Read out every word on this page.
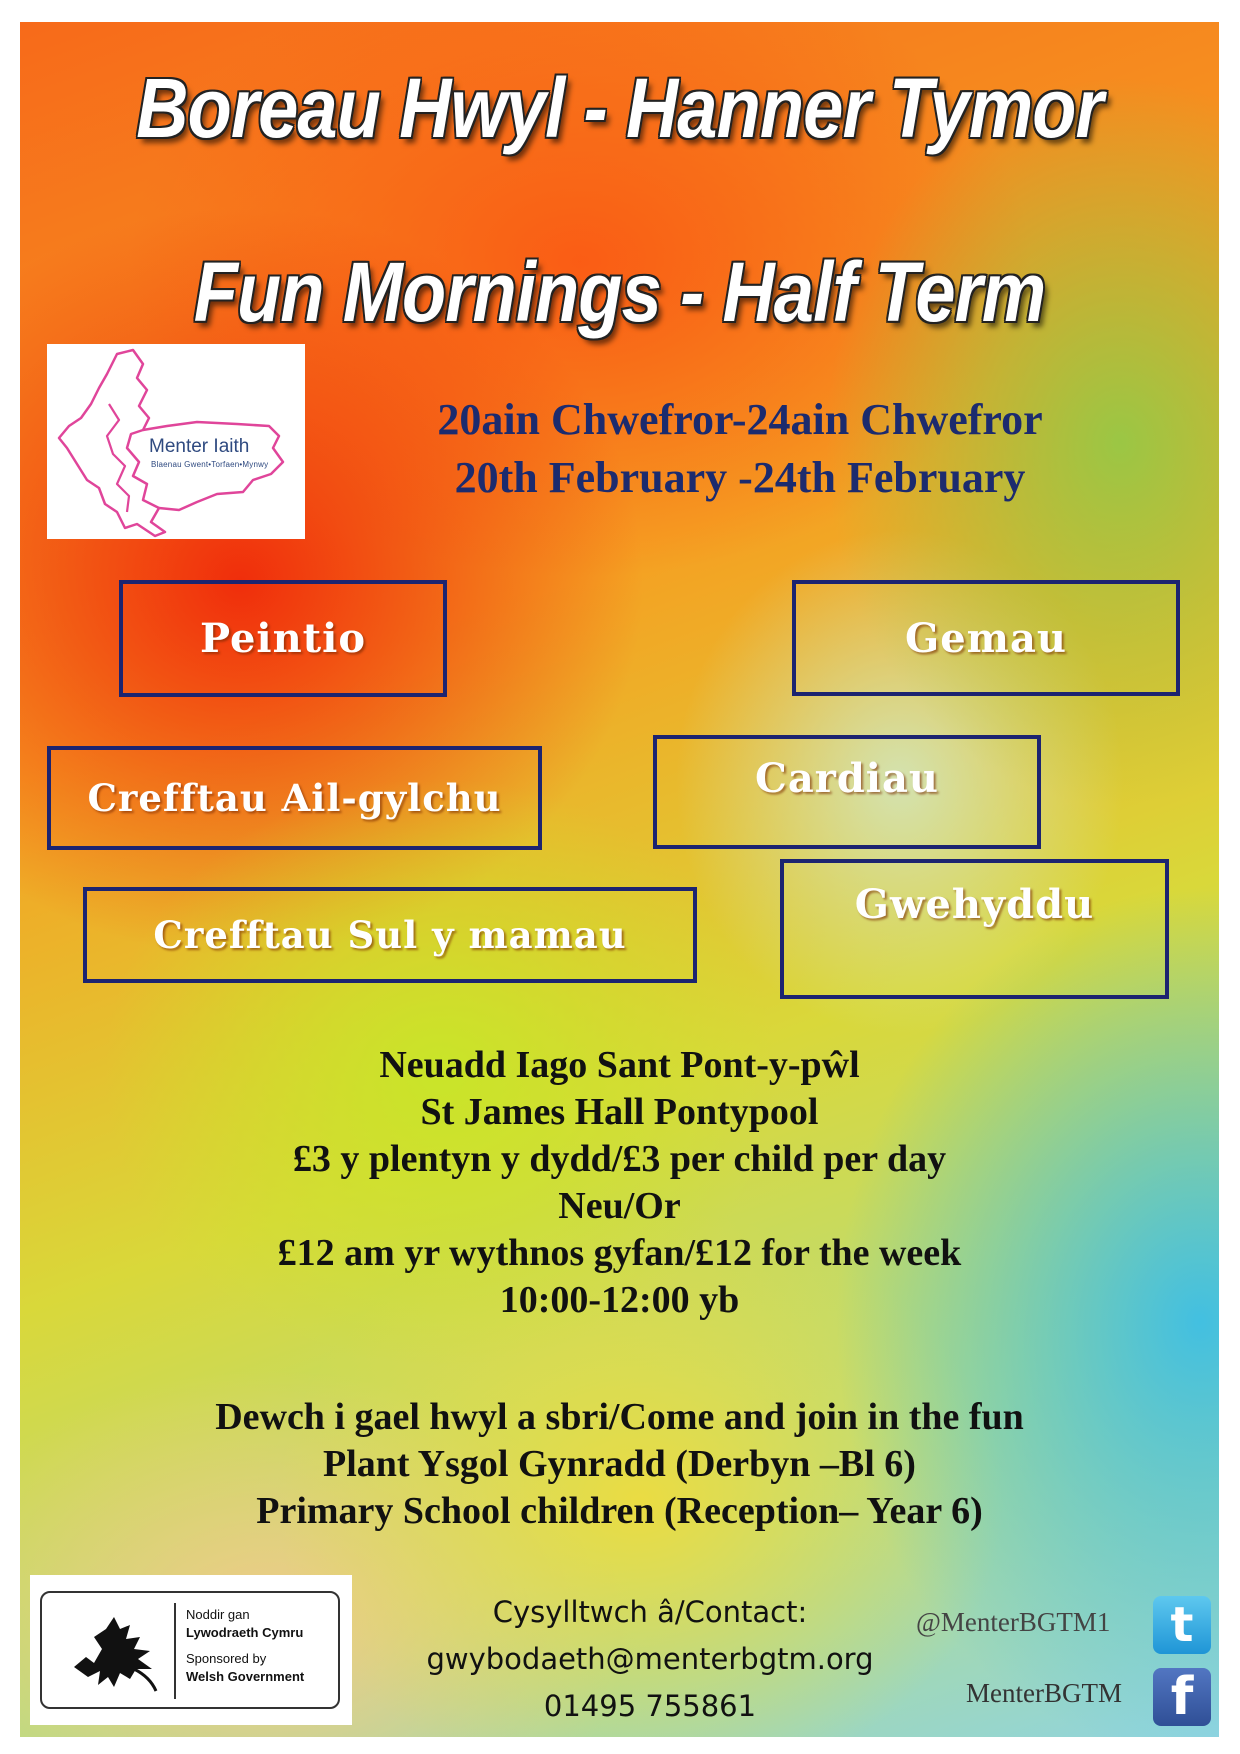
Boreau Hwyl - Hanner Tymor
Fun Mornings - Half Term
Menter Iaith
Blaenau Gwent•Torfaen•Mynwy

20ain Chwefror-24ain Chwefror

20th February -24th February

Peintio	Gemau
Crefftau Ail-gylchu	Cardiau
Crefftau Sul y mamau
Gwehyddu
Neuadd Iago Sant Pont-y-pŵl
St James Hall Pontypool
£3 y plentyn y dydd/£3 per child per day
Neu/Or
£12 am yr wythnos gyfan/£12 for the week
10:00-12:00 yb
Dewch i gael hwyl a sbri/Come and join in the fun
Plant Ysgol Gynradd (Derbyn –Bl 6)
Primary School children (Reception– Year 6)
Noddir gan
Lywodraeth Cymru
Sponsored by
Welsh Government
Cysylltwch â/Contact:
gwybodaeth@menterbgtm.org
01495 755861
@MenterBGTM1	t
MenterBGTM f
